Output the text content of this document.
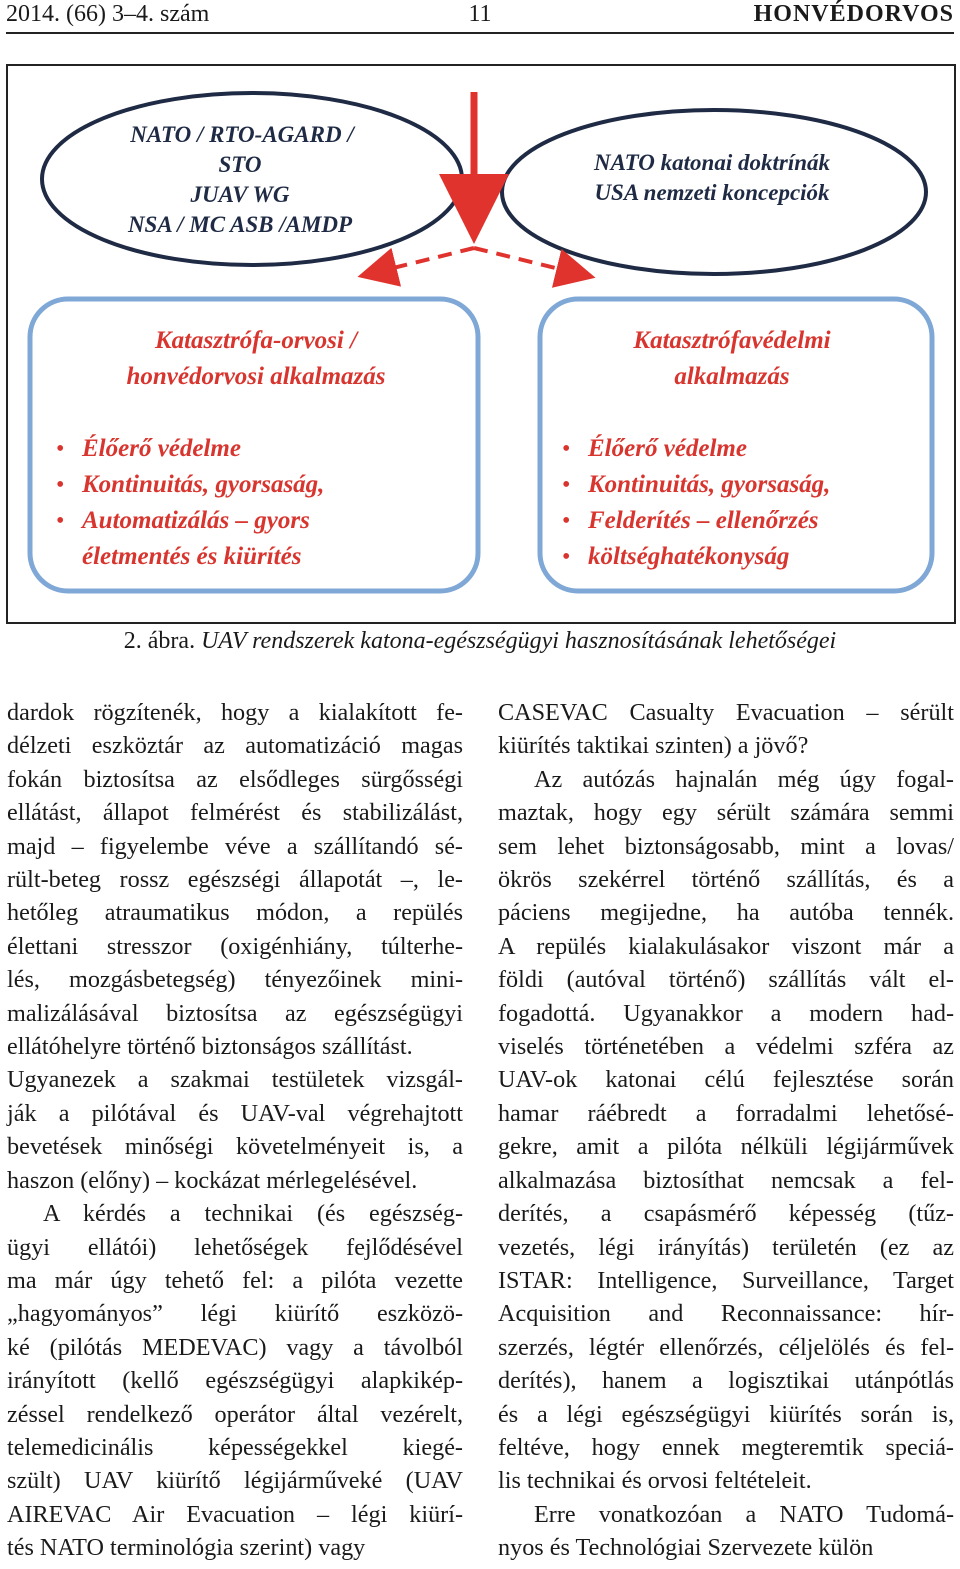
2014. (66) 3–4. szám	11	HONVÉDORVOS
NATO / RTO-AGARD /
STO
JUAV WG
NSA / MC ASB /AMDP
NATO katonai doktrínák
USA nemzeti koncepciók
Katasztrófa-orvosi /
honvédorvosi alkalmazás
•
•
•
Élőerő védelme
Kontinuitás, gyorsaság,
Automatizálás – gyors
életmentés és kiürítés
Katasztrófavédelmi
alkalmazás
•
•
•
•
Élőerő védelme
Kontinuitás, gyorsaság,
Felderítés – ellenőrzés
költséghatékonyság
2. ábra. UAV rendszerek katona-egészségügyi hasznosításának lehetőségei

dardok rögzítenék, hogy a kialakított fe-

délzeti eszköztár az automatizáció magas

fokán biztosítsa az elsődleges sürgősségi

ellátást, állapot felmérést és stabilizálást,

majd – figyelembe véve a szállítandó sé-

rült-beteg rossz egészségi állapotát –, le-

hetőleg atraumatikus módon, a repülés

élettani stresszor (oxigénhiány, túlterhe-

lés, mozgásbetegség) tényezőinek mini-

malizálásával biztosítsa az egészségügyi

ellátóhelyre történő biztonságos szállítást.

Ugyanezek a szakmai testületek vizsgál-

ják a pilótával és UAV-val végrehajtott

bevetések minőségi követelményeit is, a

haszon (előny) – kockázat mérlegelésével.

A kérdés a technikai (és egészség-

ügyi ellátói) lehetőségek fejlődésével

ma már úgy tehető fel: a pilóta vezette

„hagyományos” légi kiürítő eszközö-

ké (pilótás MEDEVAC) vagy a távolból

irányított (kellő egészségügyi alapkikép-

zéssel rendelkező operátor által vezérelt,

telemedicinális képességekkel kiegé-

szült) UAV kiürítő légijárműveké (UAV

AIREVAC Air Evacuation – légi kiürí-

tés NATO terminológia szerint) vagy

CASEVAC Casualty Evacuation – sérült

kiürítés taktikai szinten) a jövő?

Az autózás hajnalán még úgy fogal-

maztak, hogy egy sérült számára semmi

sem lehet biztonságosabb, mint a lovas/

ökrös szekérrel történő szállítás, és a

páciens megijedne, ha autóba tennék.

A repülés kialakulásakor viszont már a

földi (autóval történő) szállítás vált el-

fogadottá. Ugyanakkor a modern had-

viselés történetében a védelmi szféra az

UAV-ok katonai célú fejlesztése során

hamar ráébredt a forradalmi lehetősé-

gekre, amit a pilóta nélküli légijárművek

alkalmazása biztosíthat nemcsak a fel-

derítés, a csapásmérő képesség (tűz-

vezetés, légi irányítás) területén (ez az

ISTAR: Intelligence, Surveillance, Target

Acquisition and Reconnaissance: hír-

szerzés, légtér ellenőrzés, céljelölés és fel-

derítés), hanem a logisztikai utánpótlás

és a légi egészségügyi kiürítés során is,

feltéve, hogy ennek megteremtik speciá-

lis technikai és orvosi feltételeit.

Erre vonatkozóan a NATO Tudomá-

nyos és Technológiai Szervezete külön
